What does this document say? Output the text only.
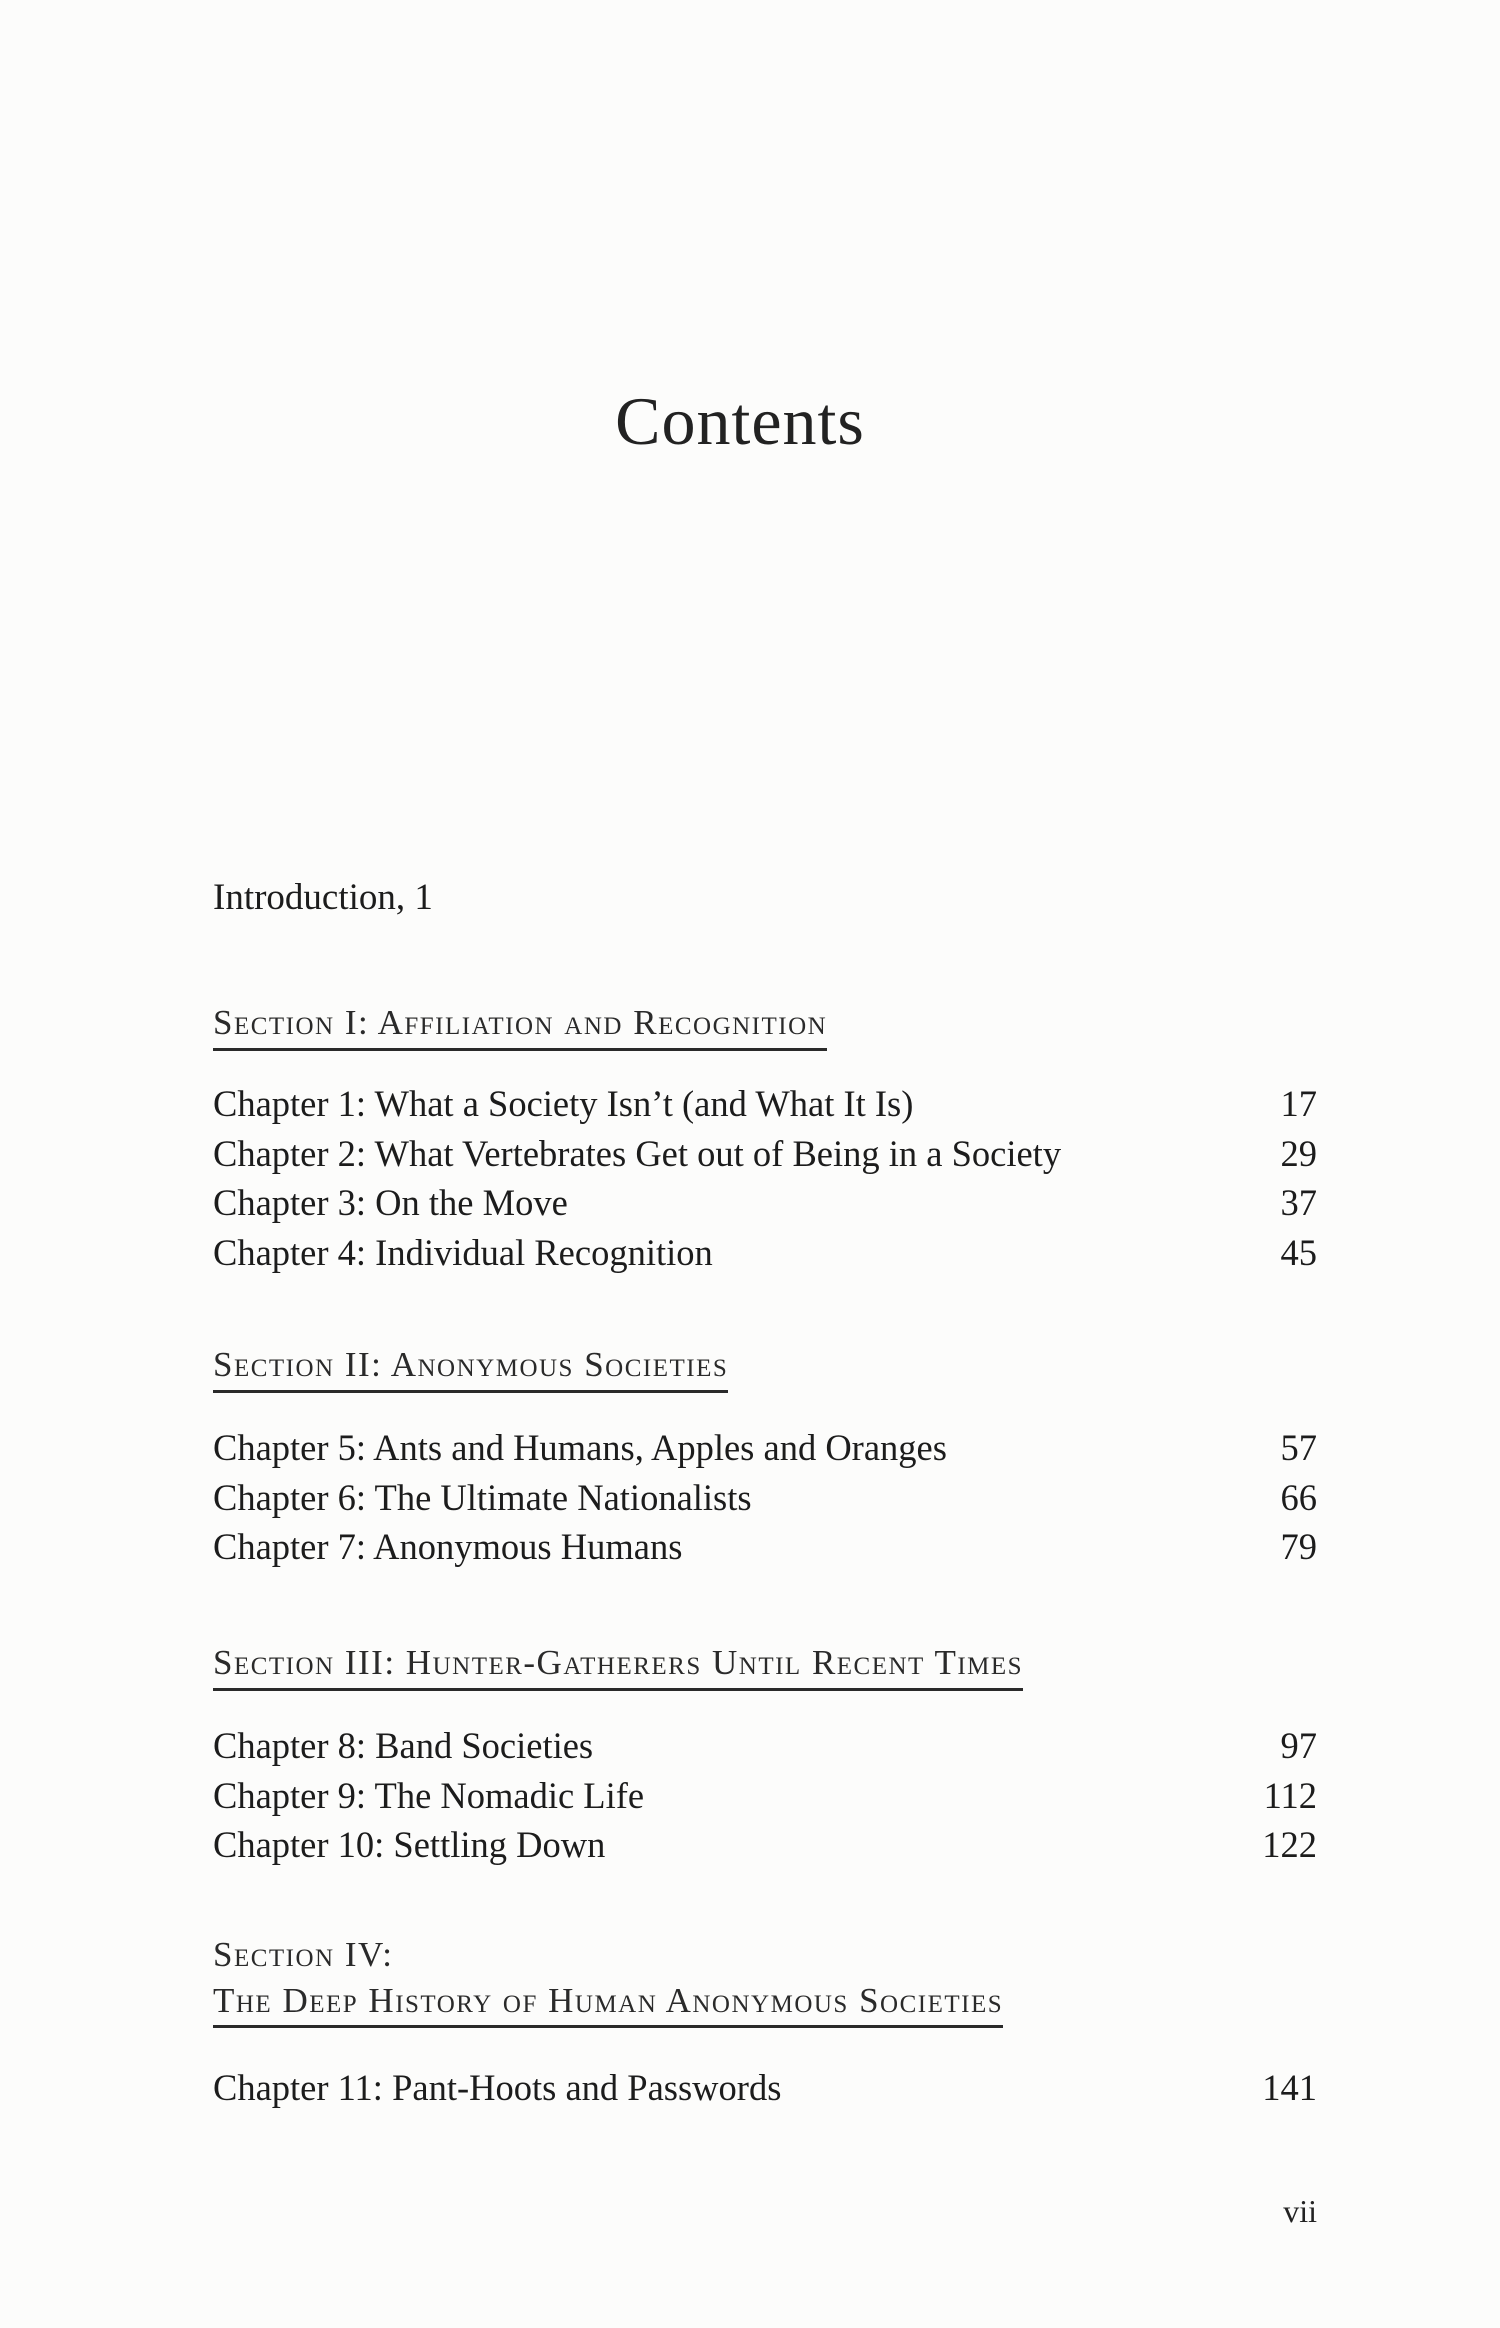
Contents
Introduction, 1
Section I: Affiliation and Recognition
Chapter 1: What a Society Isn’t (and What It Is)	17
Chapter 2: What Vertebrates Get out of Being in a Society	29
Chapter 3: On the Move	37
Chapter 4: Individual Recognition	45
Section II: Anonymous Societies
Chapter 5: Ants and Humans, Apples and Oranges	57
Chapter 6: The Ultimate Nationalists	66
Chapter 7: Anonymous Humans	79
Section III: Hunter-Gatherers Until Recent Times
Chapter 8: Band Societies	97
Chapter 9: The Nomadic Life	112
Chapter 10: Settling Down	122
Section IV:
The Deep History of Human Anonymous Societies
Chapter 11: Pant-Hoots and Passwords	141
vii
